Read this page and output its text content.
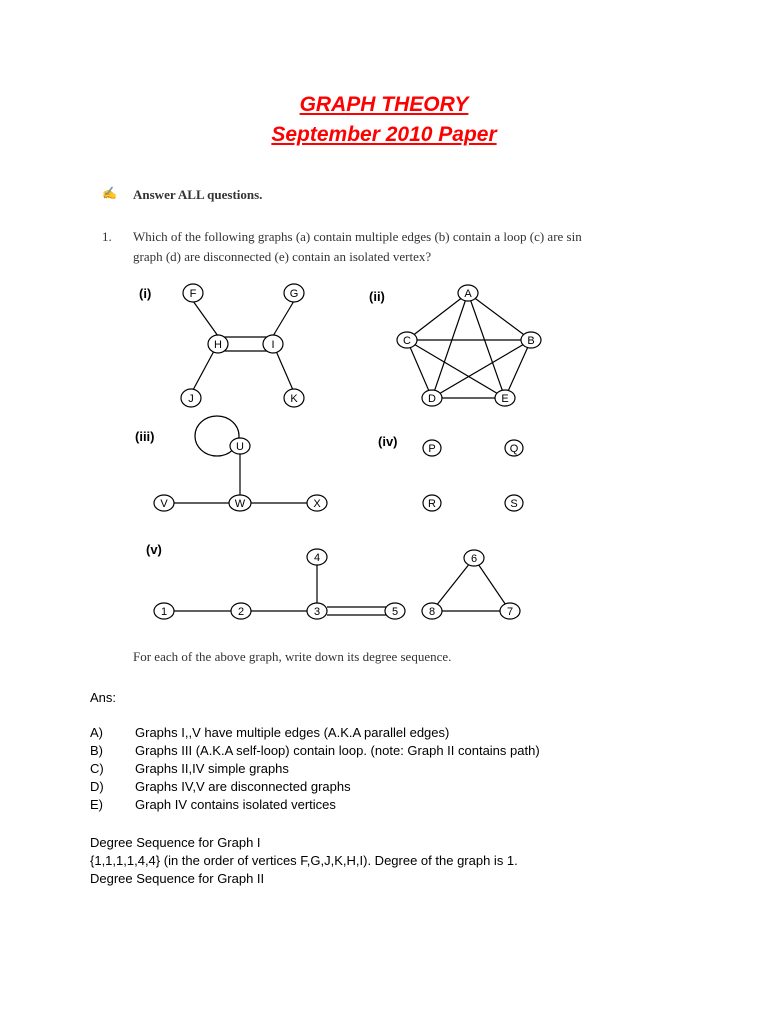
GRAPH THEORY
September 2010 Paper
✍ Answer ALL questions.
1. Which of the following graphs (a) contain multiple edges (b) contain a loop (c) are sin
graph (d) are disconnected (e) contain an isolated vertex?
(i)	F	G
H	I
J	K
(ii)	A
B
C
D	E
(iii)
U
V	W	X
(iv)	P	Q
R	S
(v)
1	2	3
4
5
6
7
8
For each of the above graph, write down its degree sequence.
Ans:
A) Graphs I,,V have multiple edges (A.K.A parallel edges)
B) Graphs III (A.K.A self-loop) contain loop. (note: Graph II contains path)
C) Graphs II,IV simple graphs
D) Graphs IV,V are disconnected graphs
E) Graph IV contains isolated vertices
Degree Sequence for Graph I
{1,1,1,1,4,4} (in the order of vertices F,G,J,K,H,I). Degree of the graph is 1.
Degree Sequence for Graph II
